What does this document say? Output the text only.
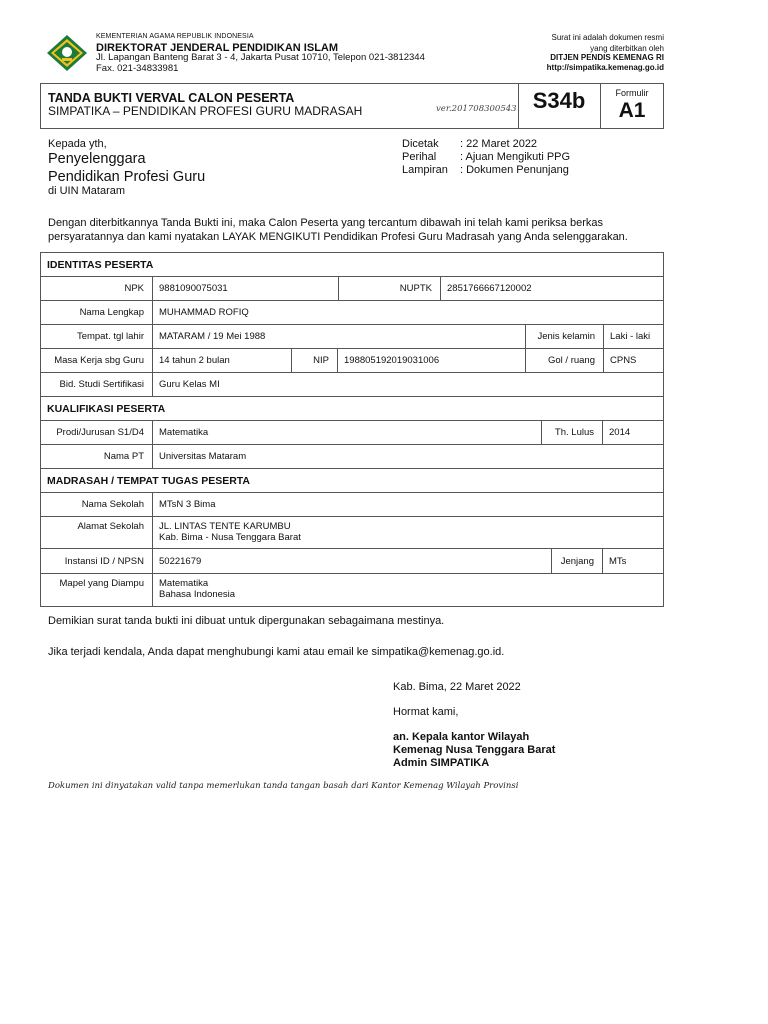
KEMENTERIAN AGAMA REPUBLIK INDONESIA
DIREKTORAT JENDERAL PENDIDIKAN ISLAM
Jl. Lapangan Banteng Barat 3 - 4, Jakarta Pusat 10710, Telepon 021-3812344
Fax. 021-34833981
Surat ini adalah dokumen resmi
yang diterbitkan oleh
DITJEN PENDIS KEMENAG RI
http://simpatika.kemenag.go.id
TANDA BUKTI VERVAL CALON PESERTA
SIMPATIKA – PENDIDIKAN PROFESI GURU MADRASAH	ver.201708300543 S34b	Formulir
A1
Kepada yth,
Penyelenggara
Pendidikan Profesi Guru
di UIN Mataram
Dicetak : 22 Maret 2022
Perihal : Ajuan Mengikuti PPG
Lampiran : Dokumen Penunjang
Dengan diterbitkannya Tanda Bukti ini, maka Calon Peserta yang tercantum dibawah ini telah kami periksa berkas persyaratannya dan kami nyatakan LAYAK MENGIKUTI Pendidikan Profesi Guru Madrasah yang Anda selenggarakan.
IDENTITAS PESERTA
NPK	9881090075031	NUPTK	2851766667120002
Nama Lengkap	MUHAMMAD ROFIQ
Tempat. tgl lahir	MATARAM / 19 Mei 1988	Jenis kelamin	Laki - laki
Masa Kerja sbg Guru	14 tahun 2 bulan	NIP	198805192019031006	Gol / ruang	CPNS
Bid. Studi Sertifikasi	Guru Kelas MI
KUALIFIKASI PESERTA
Prodi/Jurusan S1/D4	Matematika	Th. Lulus	2014
Nama PT	Universitas Mataram
MADRASAH / TEMPAT TUGAS PESERTA
Nama Sekolah	MTsN 3 Bima
Alamat Sekolah	JL. LINTAS TENTE KARUMBU
Kab. Bima - Nusa Tenggara Barat
Instansi ID / NPSN	50221679	Jenjang	MTs
Mapel yang Diampu	Matematika
Bahasa Indonesia
Demikian surat tanda bukti ini dibuat untuk dipergunakan sebagaimana mestinya.
Jika terjadi kendala, Anda dapat menghubungi kami atau email ke simpatika@kemenag.go.id.
Kab. Bima, 22 Maret 2022
Hormat kami,
an. Kepala kantor Wilayah
Kemenag Nusa Tenggara Barat
Admin SIMPATIKA
Dokumen ini dinyatakan valid tanpa memerlukan tanda tangan basah dari Kantor Kemenag Wilayah Provinsi
